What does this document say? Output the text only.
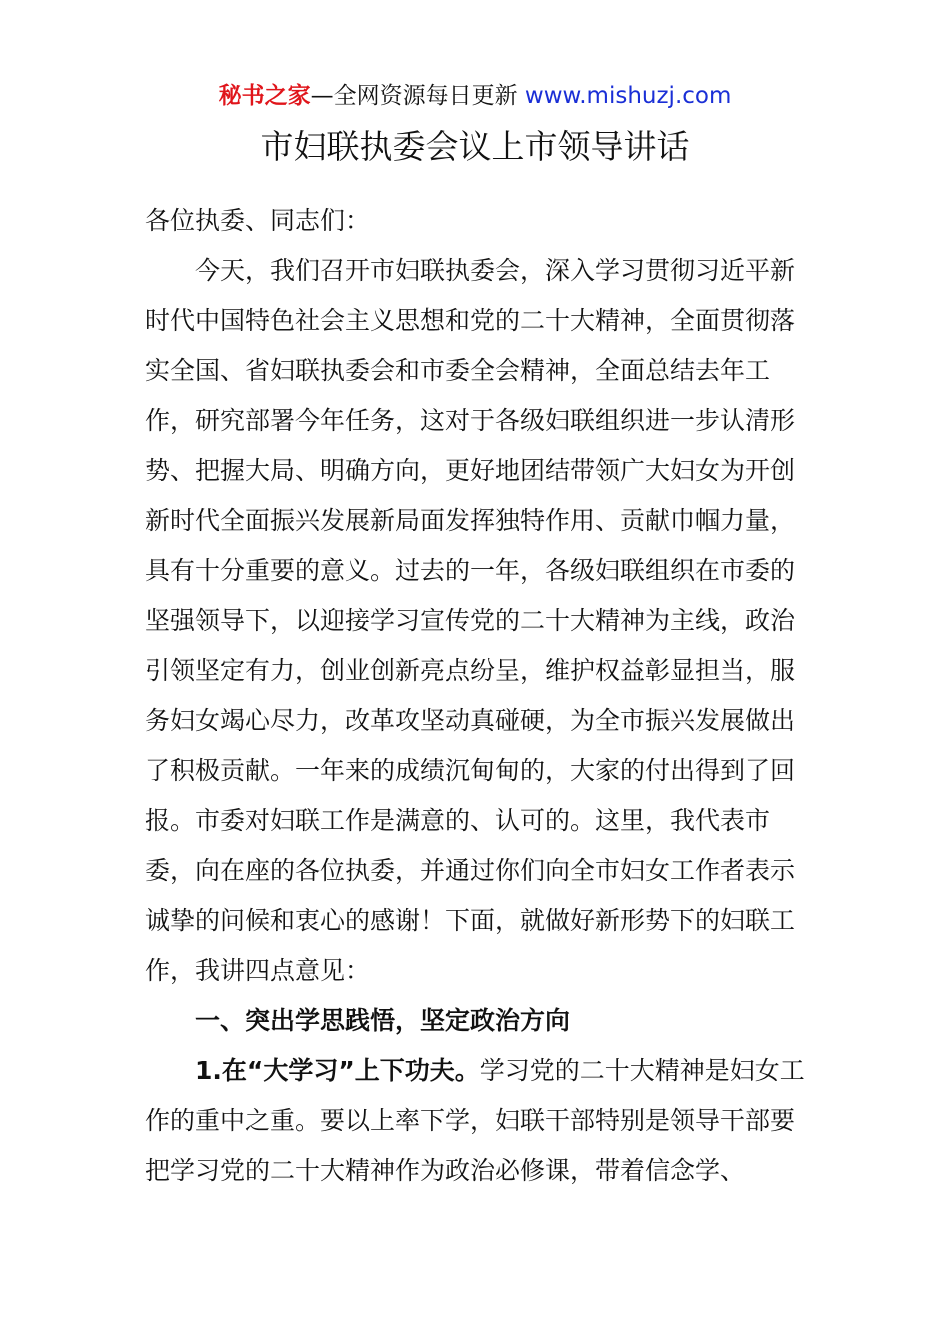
秘书之家—全网资源每日更新 www.mishuzj.com
市妇联执委会议上市领导讲话

各位执委、同志们：

今天，我们召开市妇联执委会，深入学习贯彻习近平新时代中国特色社会主义思想和党的二十大精神，全面贯彻落实全国、省妇联执委会和市委全会精神，全面总结去年工作，研究部署今年任务，这对于各级妇联组织进一步认清形势、把握大局、明确方向，更好地团结带领广大妇女为开创新时代全面振兴发展新局面发挥独特作用、贡献巾帼力量，具有十分重要的意义。过去的一年，各级妇联组织在市委的坚强领导下，以迎接学习宣传党的二十大精神为主线，政治引领坚定有力，创业创新亮点纷呈，维护权益彰显担当，服务妇女竭心尽力，改革攻坚动真碰硬，为全市振兴发展做出了积极贡献。一年来的成绩沉甸甸的，大家的付出得到了回报。市委对妇联工作是满意的、认可的。这里，我代表市委，向在座的各位执委，并通过你们向全市妇女工作者表示诚挚的问候和衷心的感谢！下面，就做好新形势下的妇联工作，我讲四点意见：

一、突出学思践悟，坚定政治方向

1.在“大学习”上下功夫。学习党的二十大精神是妇女工作的重中之重。要以上率下学，妇联干部特别是领导干部要把学习党的二十大精神作为政治必修课，带着信念学、
